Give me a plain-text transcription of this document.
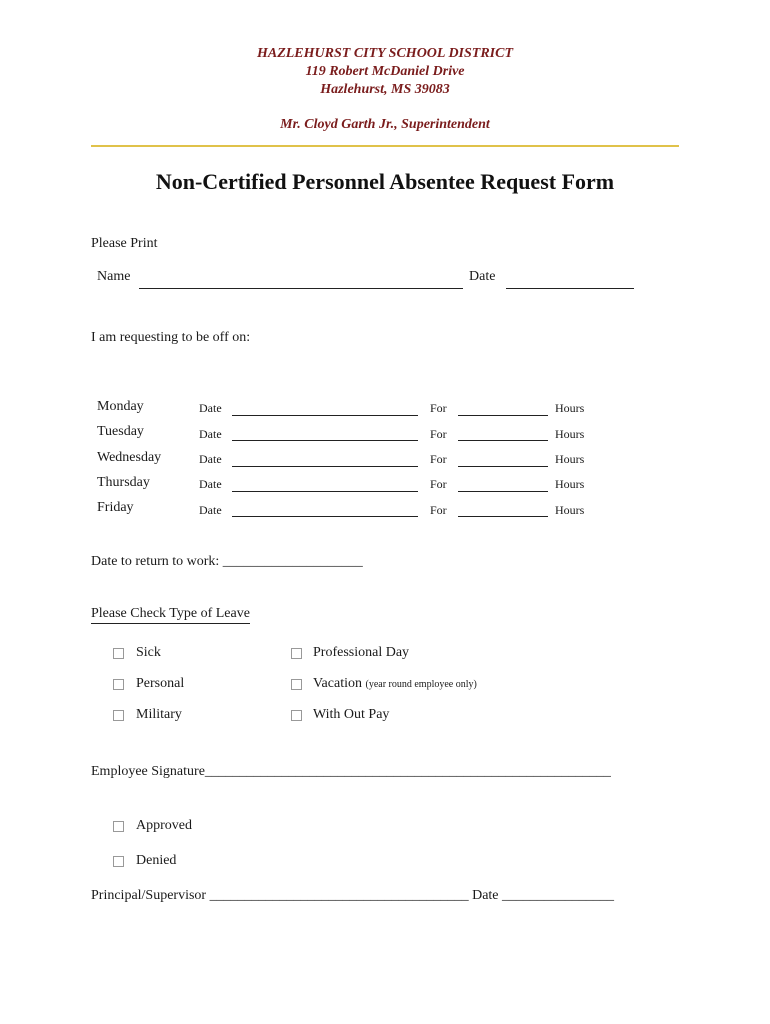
HAZLEHURST CITY SCHOOL DISTRICT
119 Robert McDaniel Drive
Hazlehurst, MS 39083
Mr. Cloyd Garth Jr., Superintendent
Non-Certified Personnel Absentee Request Form
Please Print
Name	Date
I am requesting to be off on:
Monday	Date	For	Hours
Tuesday	Date	For	Hours
Wednesday	Date	For	Hours
Thursday	Date	For	Hours
Friday	Date	For	Hours
Date to return to work: ____________________
Please Check Type of Leave
Sick	Professional Day
Personal	Vacation (year round employee only)
Military	With Out Pay
Employee Signature__________________________________________________________
Approved
Denied
Principal/Supervisor _____________________________________ Date ________________
